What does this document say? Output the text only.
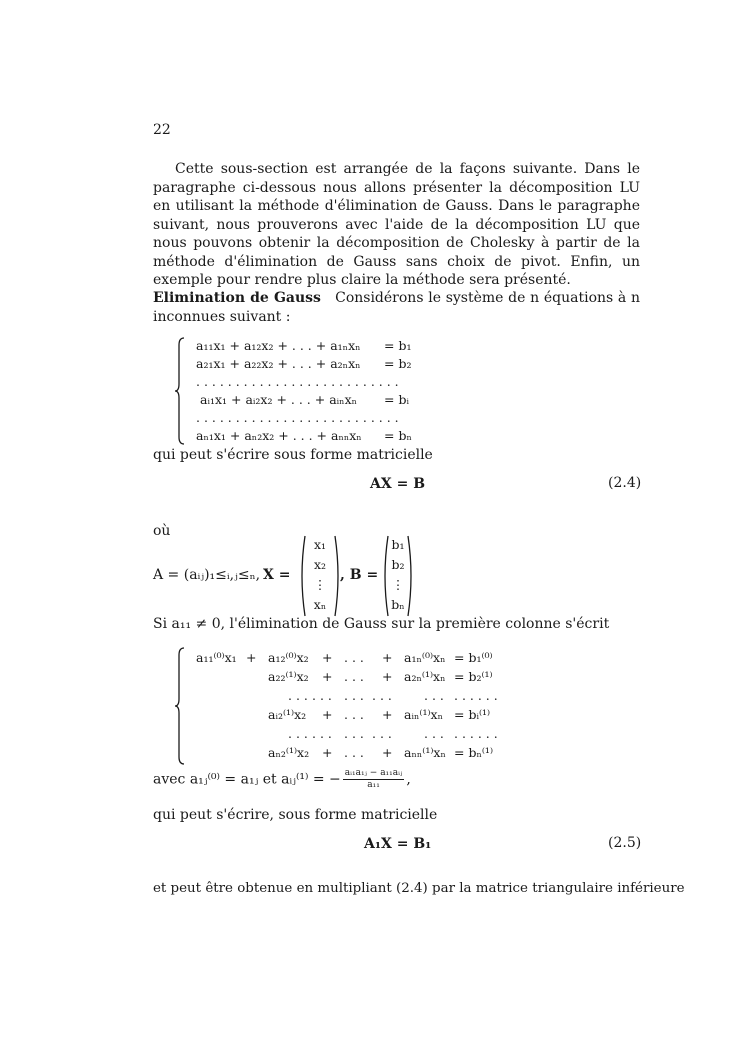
22
Cette sous-section est arrangée de la façons suivante. Dans le paragraphe ci-dessous nous allons présenter la décomposition LU en utilisant la méthode d'élimination de Gauss. Dans le paragraphe suivant, nous prouverons avec l'aide de la décomposition LU que nous pouvons obtenir la décomposition de Cholesky à partir de la méthode d'élimination de Gauss sans choix de pivot. Enfin, un exemple pour rendre plus claire la méthode sera présenté.
Elimination de Gauss Considérons le système de n équations à n inconnues suivant :
a₁₁x₁ + a₁₂x₂ + . . . + a₁ₙxₙ = b₁
a₂₁x₁ + a₂₂x₂ + . . . + a₂ₙxₙ = b₂
. . . . . . . . . . . . . . . . . . . . . . . . . .
aᵢ₁x₁ + aᵢ₂x₂ + . . . + aᵢₙxₙ = bᵢ
. . . . . . . . . . . . . . . . . . . . . . . . . .
aₙ₁x₁ + aₙ₂x₂ + . . . + aₙₙxₙ = bₙ
qui peut s'écrire sous forme matricielle
AX = B	(2.4)
où
A = (aᵢⱼ)₁≤ᵢ,ⱼ≤ₙ, X =
x₁
x₂
⋮
xₙ
, B =
b₁
b₂
⋮
bₙ
Si a₁₁ ≠ 0, l'élimination de Gauss sur la première colonne s'écrit
a₁₁⁽⁰⁾x₁ + a₁₂⁽⁰⁾x₂ + . . . + a₁ₙ⁽⁰⁾xₙ = b₁⁽⁰⁾
a₂₂⁽¹⁾x₂ + . . . + a₂ₙ⁽¹⁾xₙ = b₂⁽¹⁾
. . . . . . . . . . . .	. . . . . . . . .
aᵢ₂⁽¹⁾x₂ + . . . + aᵢₙ⁽¹⁾xₙ = bᵢ⁽¹⁾
. . . . . . . . . . . .	. . . . . . . . .
aₙ₂⁽¹⁾x₂ + . . . + aₙₙ⁽¹⁾xₙ = bₙ⁽¹⁾
avec a₁ⱼ⁽⁰⁾ = a₁ⱼ et aᵢⱼ⁽¹⁾ = − aᵢ₁a₁ⱼ − a₁₁aᵢⱼ
a₁₁	,
qui peut s'écrire, sous forme matricielle
A₁X = B₁	(2.5)
et peut être obtenue en multipliant (2.4) par la matrice triangulaire inférieure
